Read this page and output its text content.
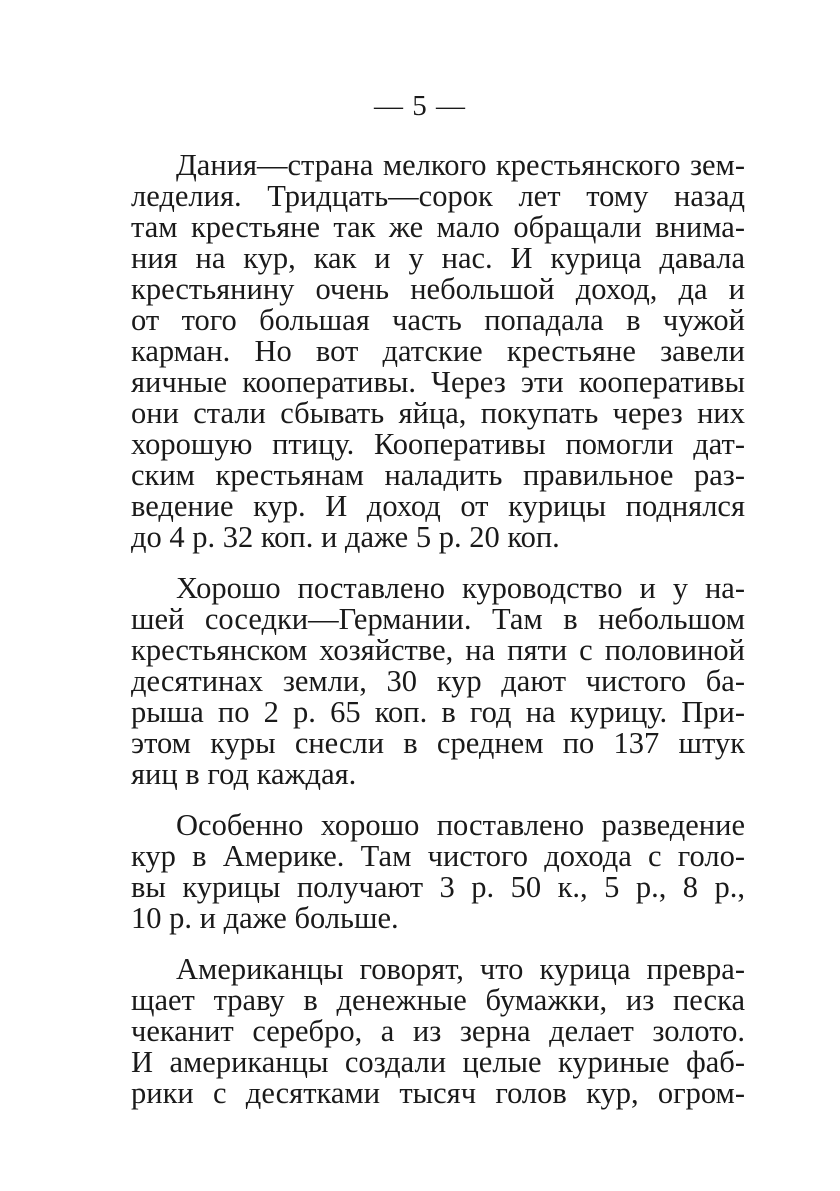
— 5 —

Дания—страна мелкого крестьянского зем-
леделия. Тридцать—сорок лет тому назад
там крестьяне так же мало обращали внима-
ния на кур, как и у нас. И курица давала
крестьянину очень небольшой доход, да и
от того большая часть попадала в чужой
карман. Но вот датские крестьяне завели
яичные кооперативы. Через эти кооперативы
они стали сбывать яйца, покупать через них
хорошую птицу. Кооперативы помогли дат-
ским крестьянам наладить правильное раз-
ведение кур. И доход от курицы поднялся
до 4 р. 32 коп. и даже 5 р. 20 коп.

Хорошо поставлено куроводство и у на-
шей соседки—Германии. Там в небольшом
крестьянском хозяйстве, на пяти с половиной
десятинах земли, 30 кур дают чистого ба-
рыша по 2 р. 65 коп. в год на курицу. При-
этом куры снесли в среднем по 137 штук
яиц в год каждая.

Особенно хорошо поставлено разведение
кур в Америке. Там чистого дохода с голо-
вы курицы получают 3 р. 50 к., 5 р., 8 р.,
10 р. и даже больше.

Американцы говорят, что курица превра-
щает траву в денежные бумажки, из песка
чеканит серебро, а из зерна делает золото.
И американцы создали целые куриные фаб-
рики с десятками тысяч голов кур, огром-
